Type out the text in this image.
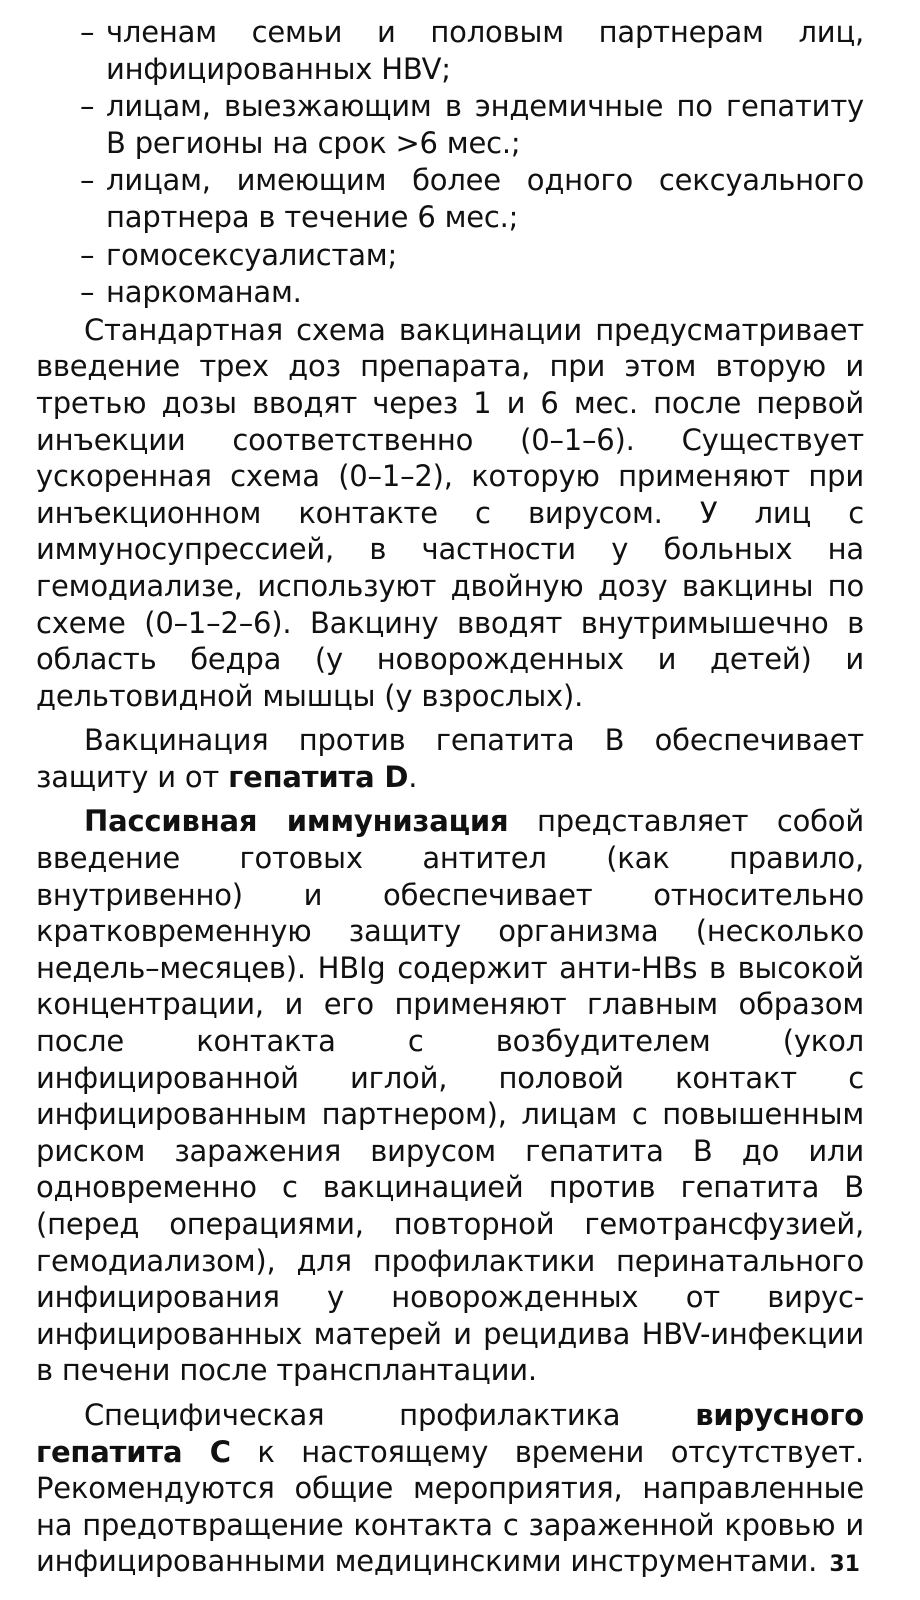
– членам семьи и половым партнерам лиц, инфицированных HBV;
– лицам, выезжающим в эндемичные по гепатиту В регионы на срок >6 мес.;
– лицам, имеющим более одного сексуального партнера в течение 6 мес.;
– гомосексуалистам;
– наркоманам.

Стандартная схема вакцинации предусматривает введение трех доз препарата, при этом вторую и третью дозы вводят через 1 и 6 мес. после первой инъекции соответственно (0–1–6). Существует ускоренная схема (0–1–2), которую применяют при инъекционном контакте с вирусом. У лиц с иммуносупрессией, в частности у больных на гемодиализе, используют двойную дозу вакцины по схеме (0–1–2–6). Вакцину вводят внутримышечно в область бедра (у новорожденных и детей) и дельтовидной мышцы (у взрослых).

Вакцинация против гепатита В обеспечивает защиту и от гепатита D.

Пассивная иммунизация представляет собой введение готовых антител (как правило, внутривенно) и обеспечивает относительно кратковременную защиту организма (несколько недель–месяцев). HBIg содержит анти-HBs в высокой концентрации, и его применяют главным образом после контакта с возбудителем (укол инфицированной иглой, половой контакт с инфицированным партнером), лицам с повышенным риском заражения вирусом гепатита В до или одновременно с вакцинацией против гепатита В (перед операциями, повторной гемотрансфузией, гемодиализом), для профилактики перинатального инфицирования у новорожденных от вирус-инфицированных матерей и рецидива HBV-инфекции в печени после трансплантации.

Специфическая профилактика вирусного гепатита С к настоящему времени отсутствует. Рекомендуются общие мероприятия, направленные на предотвращение контакта с зараженной кровью и инфицированными медицинскими инструментами. 31
